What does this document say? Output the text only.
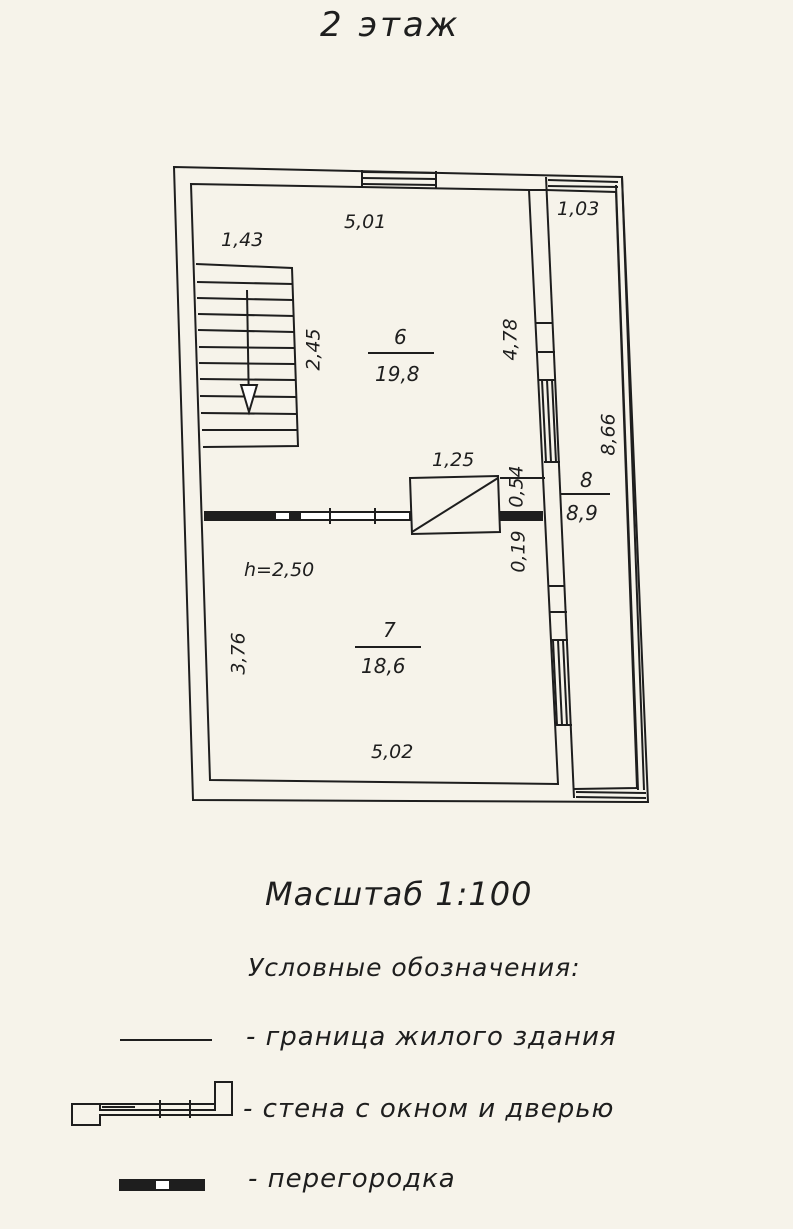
2 этаж
1,43
5,01
1,03
2,45	4,78
8,66
1,25
0,54
0,19
h=2,50
3,76
5,02
6
19,8
8
8,9
7
18,6
Масштаб 1:100
Условные обозначения:
- граница жилого здания
- стена с окном и дверью
- перегородка
